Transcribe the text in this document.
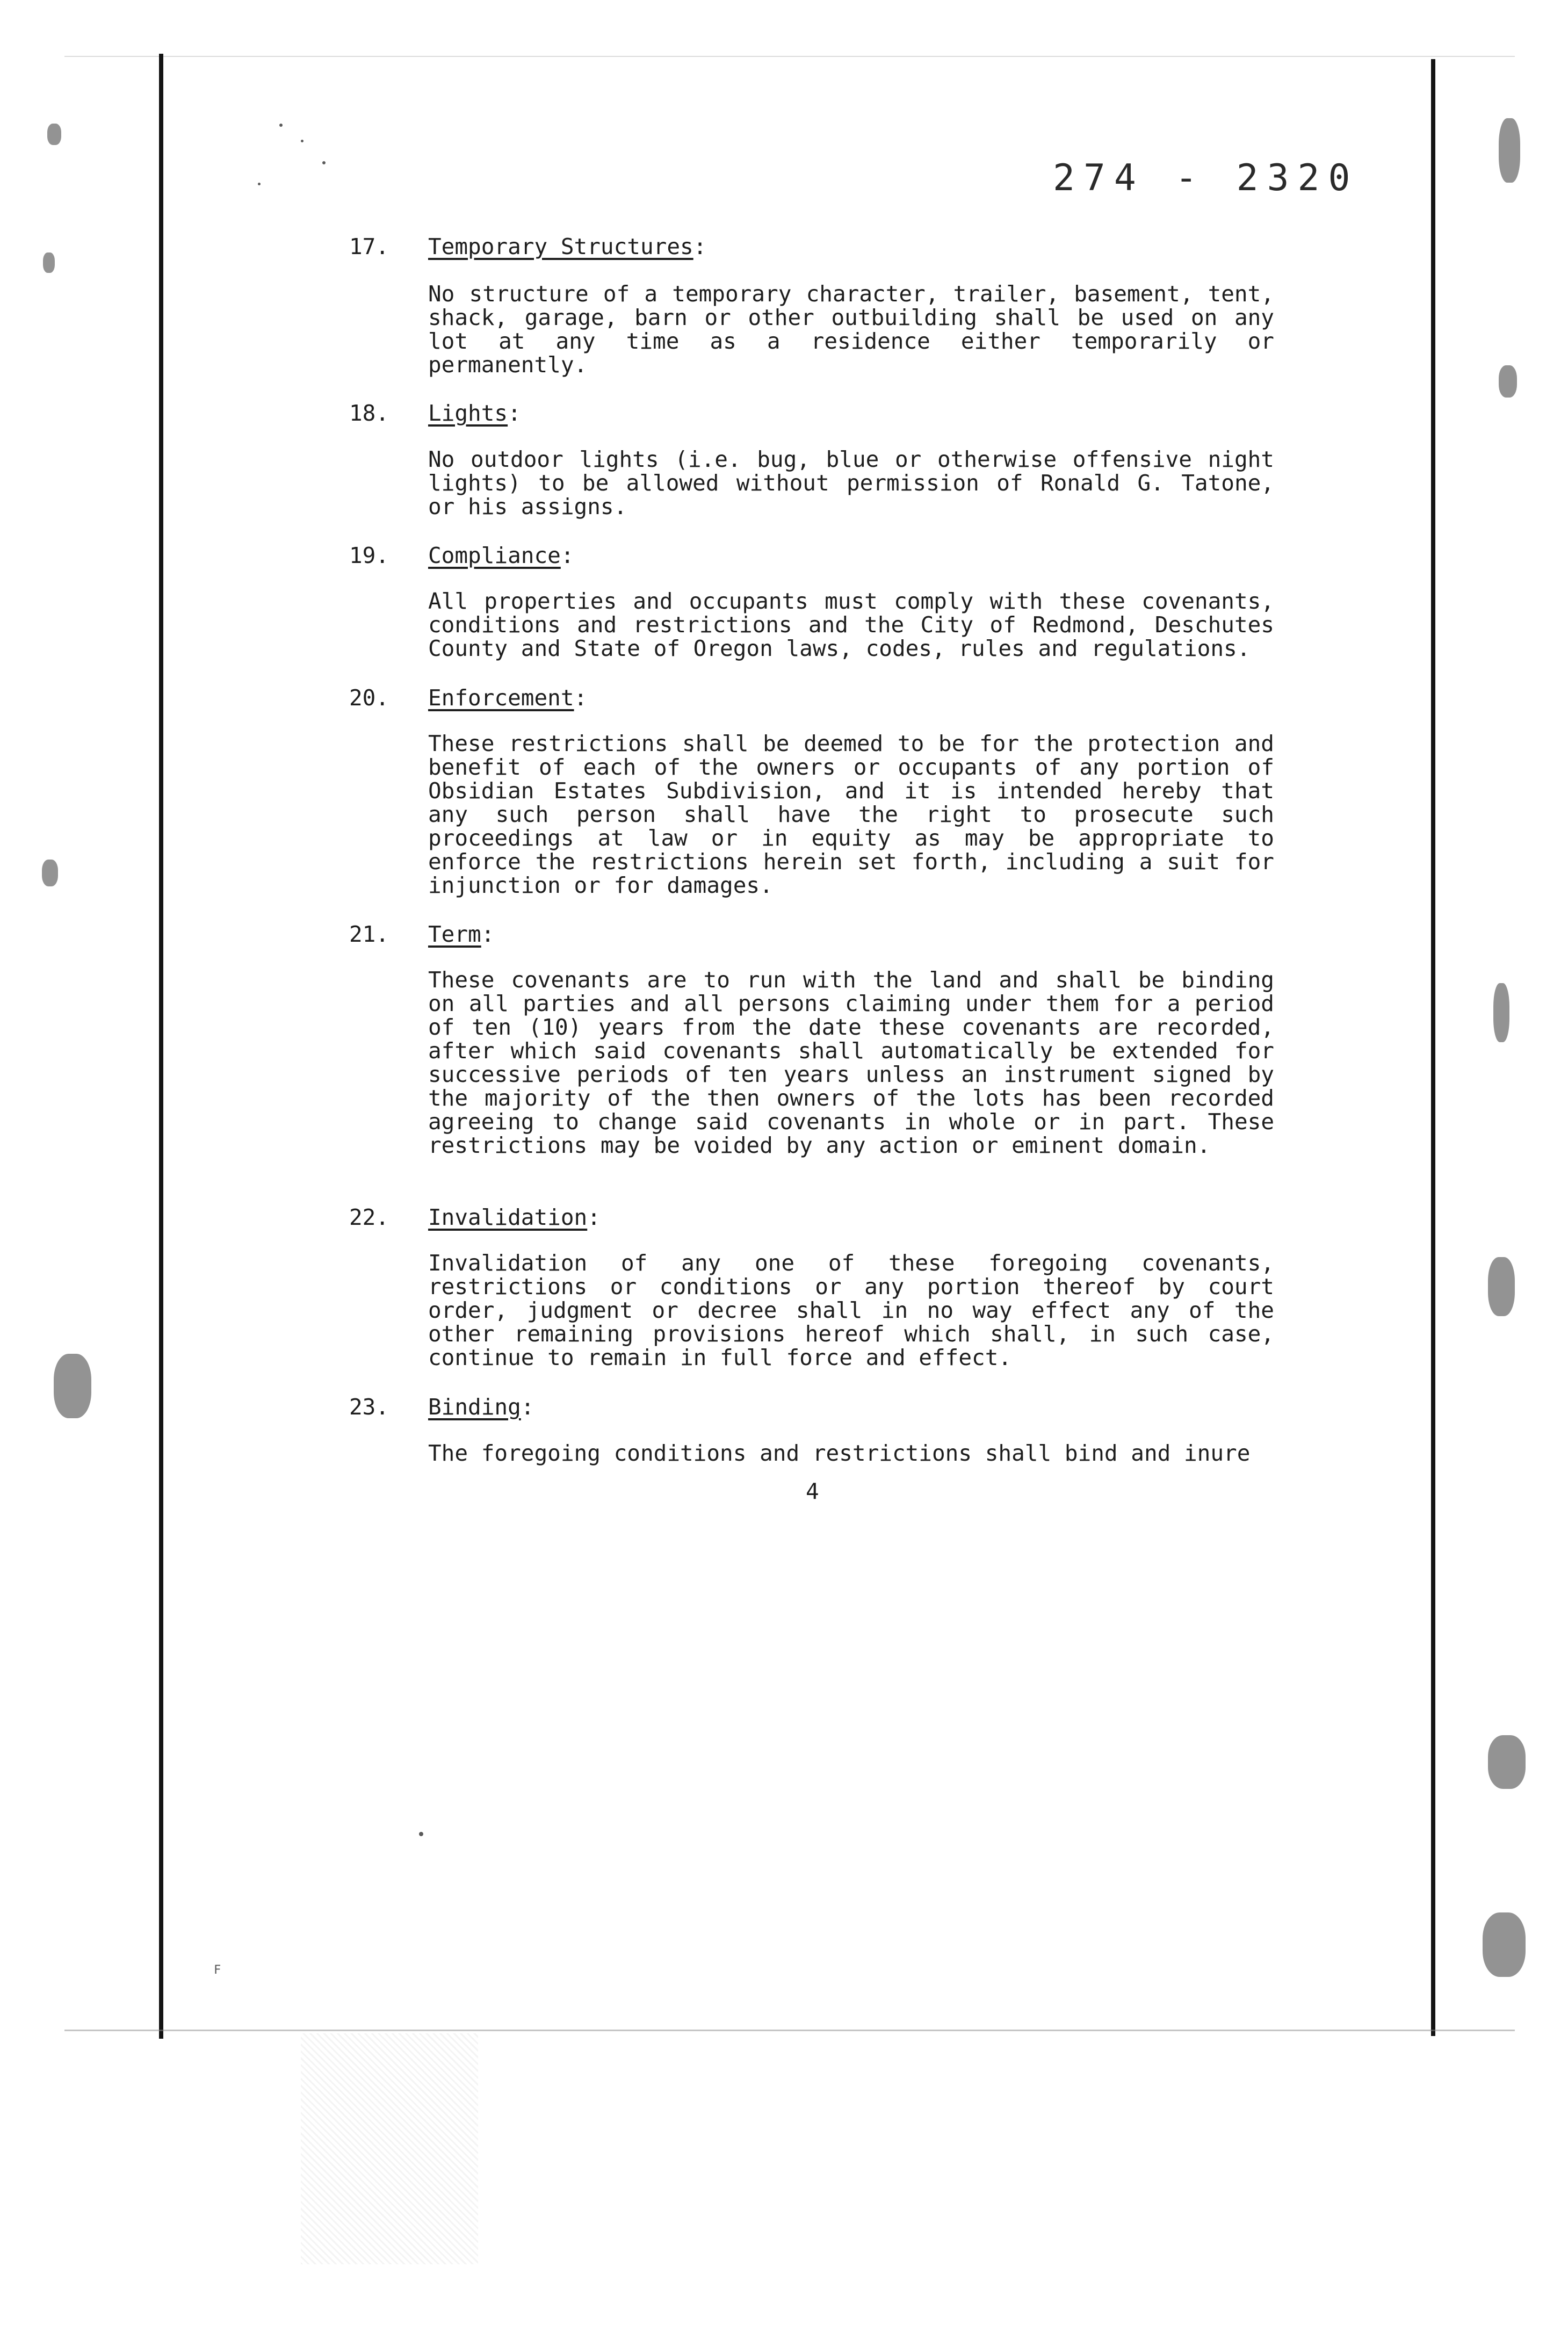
274 - 2320
17. Temporary Structures:
No structure of a temporary character, trailer, basement, tent, shack, garage, barn or other outbuilding shall be used on any lot at any time as a residence either temporarily or permanently.
18. Lights:
No outdoor lights (i.e. bug, blue or otherwise offensive night lights) to be allowed without permission of Ronald G. Tatone, or his assigns.
19. Compliance:
All properties and occupants must comply with these covenants, conditions and restrictions and the City of Redmond, Deschutes County and State of Oregon laws, codes, rules and regulations.
20. Enforcement:
These restrictions shall be deemed to be for the protection and benefit of each of the owners or occupants of any portion of Obsidian Estates Subdivision, and it is intended hereby that any such person shall have the right to prosecute such proceedings at law or in equity as may be appropriate to enforce the restrictions herein set forth, including a suit for injunction or for damages.
21. Term:
These covenants are to run with the land and shall be binding on all parties and all persons claiming under them for a period of ten (10) years from the date these covenants are recorded, after which said covenants shall automatically be extended for successive periods of ten years unless an instrument signed by the majority of the then owners of the lots has been recorded agreeing to change said covenants in whole or in part. These restrictions may be voided by any action or eminent domain.
22. Invalidation:
Invalidation of any one of these foregoing covenants, restrictions or conditions or any portion thereof by court order, judgment or decree shall in no way effect any of the other remaining provisions hereof which shall, in such case, continue to remain in full force and effect.
23. Binding:
The foregoing conditions and restrictions shall bind and inure
4
F
